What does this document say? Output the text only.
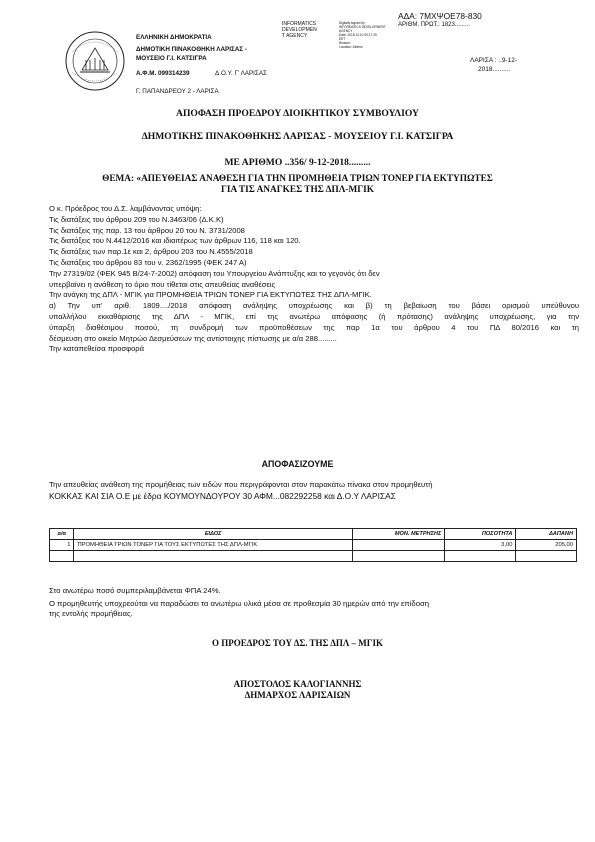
ΕΛΛΗΝΙΚΗ ΔΗΜΟΚΡΑΤΙΑ
ΔΗΜΟΤΙΚΗ ΠΙΝΑΚΟΘΗΚΗ ΛΑΡΙΣΑΣ -
ΜΟΥΣΕΙΟ Γ.Ι. ΚΑΤΣΙΓΡΑ
Α.Φ.Μ. 099314239	Δ.Ο.Υ. Γ' ΛΑΡΙΣΑΣ
Γ. ΠΑΠΑΝΔΡΕΟΥ 2 - ΛΑΡΙΣΑ
INFORMATICS
DEVELOPMEN
T AGENCY
Digitally signed by
INFORMATICS DEVELOPMENT
AGENCY
Date: 2018.12.10 09:17:29
EET
Reason:
Location: Athens
ΑΔΑ: 7ΜΧΨΟΕ78-830
ΑΡΙΘΜ. ΠΡΩΤ.: 1823.........
ΛΑΡΙΣΑ : ..9-12-
2018..........
ΑΠΟΦΑΣΗ ΠΡΟΕΔΡΟΥ ΔΙΟΙΚΗΤΙΚΟΥ ΣΥΜΒΟΥΛΙΟΥ
ΔΗΜΟΤΙΚΗΣ ΠΙΝΑΚΟΘΗΚΗΣ ΛΑΡΙΣΑΣ - ΜΟΥΣΕΙΟΥ Γ.Ι. ΚΑΤΣΙΓΡΑ
ΜΕ ΑΡΙΘΜΟ ..356/ 9-12-2018.........
ΘΕΜΑ: «ΑΠΕΥΘΕΙΑΣ ΑΝΑΘΕΣΗ ΓΙΑ ΤΗΝ ΠΡΟΜΗΘΕΙΑ ΤΡΙΩΝ ΤΟΝΕΡ ΓΙΑ ΕΚΤΥΠΩΤΕΣ
ΓΙΑ ΤΙΣ ΑΝΑΓΚΕΣ ΤΗΣ ΔΠΛ-ΜΓΙΚ
Ο κ. Πρόεδρος του Δ.Σ. λαμβάνοντας υπόψη:
Τις διατάξεις του άρθρου 209 του Ν.3463/06 (Δ.Κ.Κ)
Τις διατάξεις της παρ. 13 του άρθρου 20 του Ν. 3731/2008
Τις διατάξεις του Ν.4412/2016 και ιδιαιτέρως των άρθρων 116, 118 και 120.
Τις διατάξεις των παρ.1ε και 2, άρθρου 203 του Ν.4555/2018
Τις διατάξεις του άρθρου 83 του ν. 2362/1995 (ΦΕΚ 247 Α)
Την 27319/02 (ΦΕΚ 945 Β/24-7-2002) απόφαση του Υπουργείου Ανάπτυξης και το γεγονός ότι δεν
υπερβαίνει η ανάθεση το όριο που τίθεται στις απευθείας αναθέσεις
Την ανάγκη της ΔΠΛ - ΜΓΙΚ για ΠΡΟΜΗΘΕΙΑ ΤΡΙΩΝ ΤΟΝΕΡ ΓΙΑ ΕΚΤΥΠΩΤΕΣ ΤΗΣ ΔΠΛ-ΜΓΙΚ.
α) Την υπ' αριθ. 1809..../2018 απόφαση ανάληψης υποχρέωσης και β) τη βεβαίωση του βάσει ορισμού υπεύθυνου
υπαλλήλου εκκαθάρισης της ΔΠΛ - ΜΓΙΚ, επί της ανωτέρω απόφασης (ή πρότασης) ανάληψης υποχρέωσης, για την
ύπαρξη διαθέσιμου ποσού, τη συνδρομή των προϋποθέσεων της παρ 1α του άρθρου 4 του ΠΔ 80/2016 και τη
δέσμευση στο οικείο Μητρώο Δεσμεύσεων της αντίστοιχης πίστωσης με α/α 288.........
Την καταπεθείσα προσφορά
ΑΠΟΦΑΣΙΖΟΥΜΕ
Την απευθείας ανάθεση της προμήθειας των ειδών που περιγράφονται στον παρακάτω πίνακα στον προμηθευτή
ΚΟΚΚΑΣ ΚΑΙ ΣΙΑ Ο.Ε με έδρα ΚΟΥΜΟΥΝΔΟΥΡΟΥ 30 ΑΦΜ...082292258 και Δ.Ο.Υ ΛΑΡΙΣΑΣ
α/α	ΕΙΔΟΣ	ΜΟΝ. ΜΕΤΡΗΣΗΣ	ΠΟΣΟΤΗΤΑ	ΔΑΠΑΝΗ
1	ΠΡΟΜΗΘΕΙΑ ΤΡΙΩΝ ΤΟΝΕΡ ΓΙΑ ΤΟΥΣ ΕΚΤΥΠΩΤΕΣ ΤΗΣ ΔΠΛ-ΜΓΙΚ		3,00	205,00

Στο ανωτέρω ποσό συμπεριλαμβάνεται ΦΠΑ 24%.
Ο προμηθευτής υποχρεούται να παραδώσει τα ανωτέρω υλικά μέσα σε προθεσμία 30 ημερών από την επίδοση
της εντολής προμήθειας.
Ο ΠΡΟΕΔΡΟΣ ΤΟΥ ΔΣ. ΤΗΣ ΔΠΛ – ΜΓΙΚ
ΑΠΟΣΤΟΛΟΣ ΚΑΛΟΓΙΑΝΝΗΣ
ΔΗΜΑΡΧΟΣ ΛΑΡΙΣΑΙΩΝ
